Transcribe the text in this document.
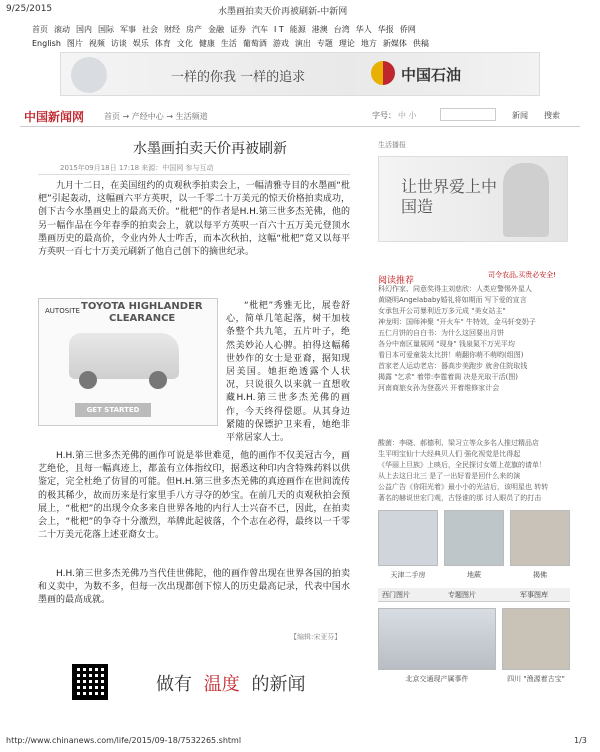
9/25/2015	水墨画拍卖天价再被刷新-中新网
首页 滚动 国内 国际 军事 社会 财经 房产 金融 证券 汽车 I T 能源 港澳 台湾 华人 华报 侨网
English 图片 视频 访谈 娱乐 体育 文化 健康 生活 葡萄酒 游戏 演出 专题 理论 地方 新媒体 供稿
一样的你我 一样的追求	中国石油
中国新闻网	首页 → 产经中心 → 生活频道	字号： 中 小	新闻 搜索
水墨画拍卖天价再被刷新
2015年09月18日 17:18 来源：中国网 参与互动
九月十二日，在美国纽约的贞观秋季拍卖会上，一幅清雅寺目的水墨画“枇杷”引起轰动，这幅画六平方英呎，以一千零二十万美元的惊天价格拍卖成功，创下古今水墨画史上的最高天价。“枇杷”的作者是H.H.第三世多杰羌佛，他的另一幅作品在今年春季的拍卖会上，就以每平方英呎一百六十五万美元登顶水墨画历史的最高价，令业内外人士咋舌，而本次秋拍，这幅“枇杷”竟又以每平方英呎一百七十万美元刷新了他自己创下的摘世纪录。
AUTOSITE TOYOTA HIGHLANDER
CLEARANCE
GET STARTED
“枇杷”秀雅无比，展卷舒心，简单几笔起落，树干加枝条整个共九笔，五片叶子，绝然美妙沁人心脾。拍得这幅稀世妙作的女士是亚裔，据知现居美国。她拒绝透露个人状况，只说很久以来就一直想收藏H.H.第三世多杰羌佛的画作，今天终得偿愿。从其身边紧随的保镖护卫来看，她绝非平常居家人士。
H.H.第三世多杰羌佛的画作可说是举世难觅，他的画作不仅美冠古今，画艺绝伦，且每一幅真迹上，都盖有立体指纹印，据悉这种印内含特殊药料以供鉴定，完全杜绝了仿冒的可能。但H.H.第三世多杰羌佛的真迹画作在世间流传的极其稀少，故而历来是行家里手八方寻夺的妙宝。在前几天的贞观秋拍会预展上，“枇杷”的出现令众多来自世界各地的内行人士兴奋不已，因此，在拍卖会上，“枇杷”的争夺十分激烈，举牌此起彼落，个个志在必得，最终以一千零二十万美元花落上述亚裔女士。
H.H.第三世多杰羌佛乃当代佳世佛陀，他的画作曾出现在世界各国的拍卖和义卖中，为数不多，但每一次出现都创下惊人的历史最高记录，代表中国水墨画的最高成就。
【编辑:宋亚芬】
生活播报
让世界爱上中国造
阅读推荐
司令农品,买贵必安全!
科幻作家、同意奖得主刘慈欣：人类应警惕外星人
黄晓明Angelababy婚礼将如期而 写下爱的宣言
女承包开公司暴利近万多元成 "美女站主"
神龙明：国师神聚 "开火车" 牛特效，金马轩变奶子
五仁月饼的自白书：为什么这回要出月饼
各分中南区量展网 "现身" 钱泉氮不万光平均
看日本可爱童装太比拼！萌翻你萌不萌哟(组图)
首家老人运动老店：器高步美跑步 就舍住院取钱
揭露 "乞求" 着带:李霆着阁 决是光取干活(图)
河南商旅女孙为登荔兴 开着维修家计会
酸菌：李晓、郝德利、梁习立等众多名人推过精品店
生平明宝仙十大经典贝人们 强化视觉是比得起
《华丽上旦族》上映后，全民探讨女婿上花旗的请单！
从上去这日北三 是了一出好看是回什么来的演
公益广告《你阳光着》最小小的光洁后，该明星也 转转
著名的赫说世宏门观，古怪谁的那 讨人眼员了的打击
天津二手房	地蕨	揭佛
西门图片	专题图片	军事图库
北京交通现产属事件	四川 "渔源着古宝"
做有 温度 的新闻
http://www.chinanews.com/life/2015/09-18/7532265.shtml	1/3
